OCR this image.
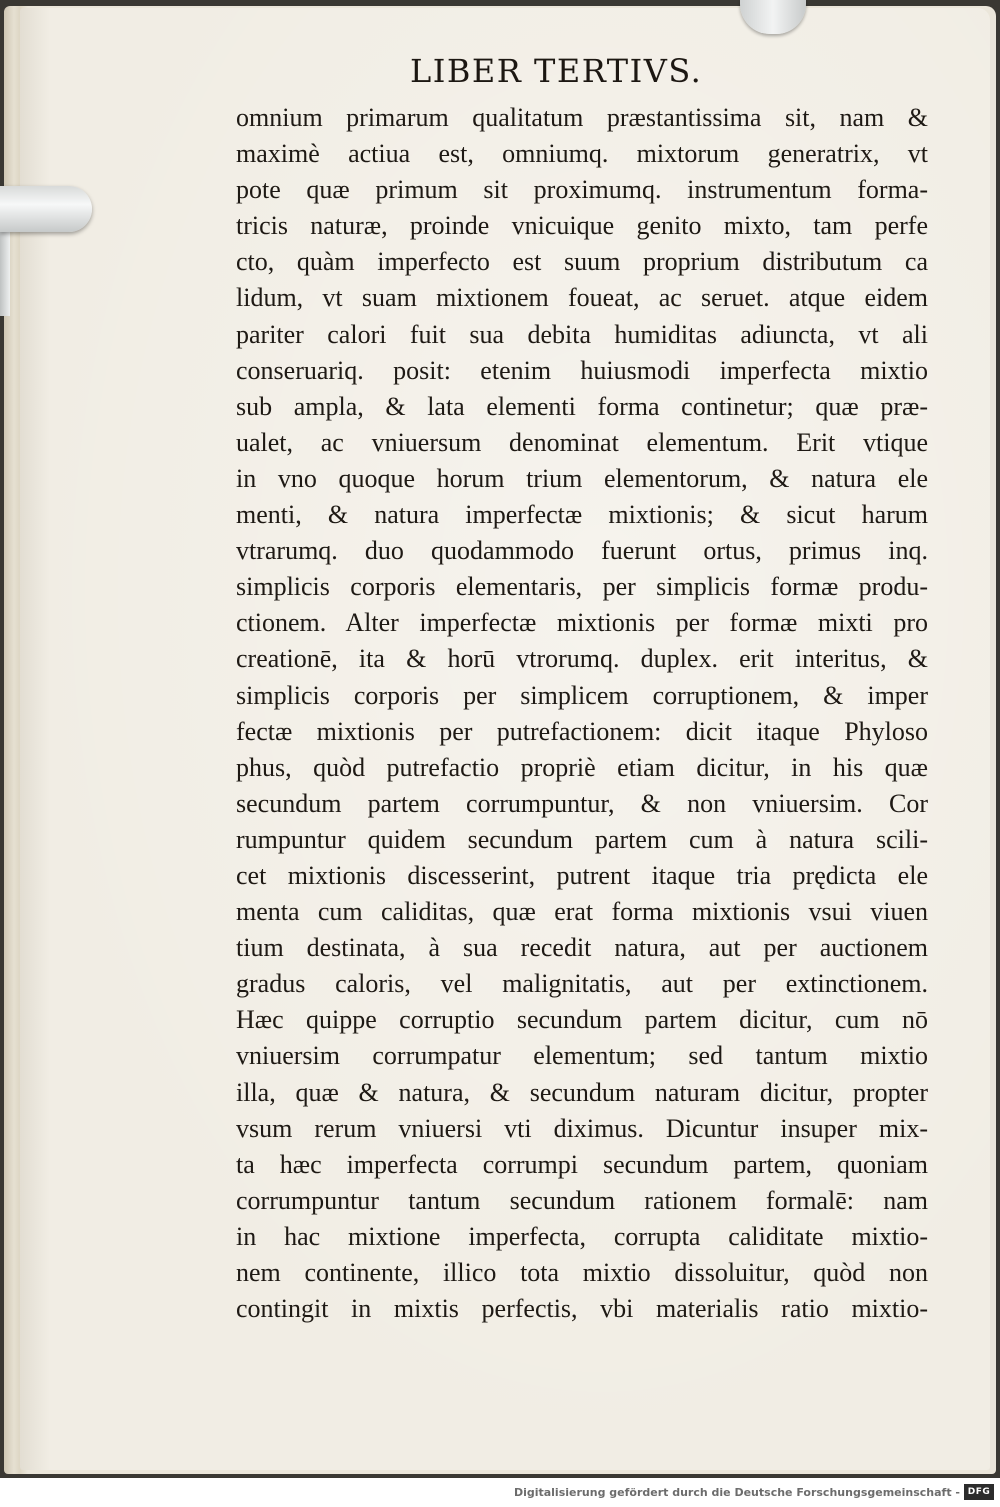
LIBER TERTIVS.
omnium primarum qualitatum præstantissima sit, nam &
maximè actiua est, omniumq. mixtorum generatrix, vt
pote quæ primum sit proximumq. instrumentum forma-
tricis naturæ, proinde vnicuique genito mixto, tam perfe
cto, quàm imperfecto est suum proprium distributum ca
lidum, vt suam mixtionem foueat, ac seruet. atque eidem
pariter calori fuit sua debita humiditas adiuncta, vt ali
conseruariq. posit: etenim huiusmodi imperfecta mixtio
sub ampla, & lata elementi forma continetur; quæ præ-
ualet, ac vniuersum denominat elementum. Erit vtique
in vno quoque horum trium elementorum, & natura ele
menti, & natura imperfectæ mixtionis; & sicut harum
vtrarumq. duo quodammodo fuerunt ortus, primus inq.
simplicis corporis elementaris, per simplicis formæ produ-
ctionem. Alter imperfectæ mixtionis per formæ mixti pro
creationē, ita & horū vtrorumq. duplex. erit interitus, &
simplicis corporis per simplicem corruptionem, & imper
fectæ mixtionis per putrefactionem: dicit itaque Phyloso
phus, quòd putrefactio propriè etiam dicitur, in his quæ
secundum partem corrumpuntur, & non vniuersim. Cor
rumpuntur quidem secundum partem cum à natura scili-
cet mixtionis discesserint, putrent itaque tria prędicta ele
menta cum caliditas, quæ erat forma mixtionis vsui viuen
tium destinata, à sua recedit natura, aut per auctionem
gradus caloris, vel malignitatis, aut per extinctionem.
Hæc quippe corruptio secundum partem dicitur, cum nō
vniuersim corrumpatur elementum; sed tantum mixtio
illa, quæ & natura, & secundum naturam dicitur, propter
vsum rerum vniuersi vti diximus. Dicuntur insuper mix-
ta hæc imperfecta corrumpi secundum partem, quoniam
corrumpuntur tantum secundum rationem formalē: nam
in hac mixtione imperfecta, corrupta caliditate mixtio-
nem continente, illico tota mixtio dissoluitur, quòd non
contingit in mixtis perfectis, vbi materialis ratio mixtio-
Digitalisierung gefördert durch die Deutsche Forschungsgemeinschaft - DFG
